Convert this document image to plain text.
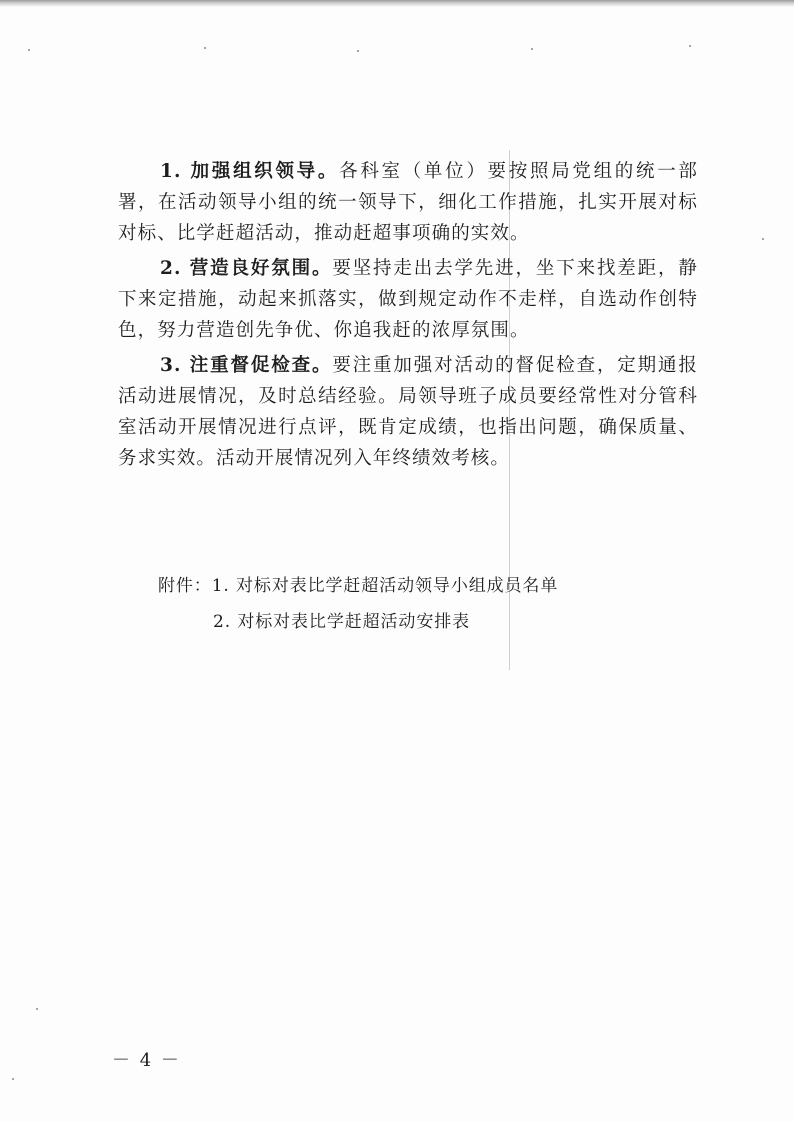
1. 加强组织领导。各科室（单位）要按照局党组的统一部署，在活动领导小组的统一领导下，细化工作措施，扎实开展对标对标、比学赶超活动，推动赶超事项确的实效。

2. 营造良好氛围。要坚持走出去学先进，坐下来找差距，静下来定措施，动起来抓落实，做到规定动作不走样，自选动作创特色，努力营造创先争优、你追我赶的浓厚氛围。

3. 注重督促检查。要注重加强对活动的督促检查，定期通报活动进展情况，及时总结经验。局领导班子成员要经常性对分管科室活动开展情况进行点评，既肯定成绩，也指出问题，确保质量、务求实效。活动开展情况列入年终绩效考核。

附件：1. 对标对表比学赶超活动领导小组成员名单
2. 对标对表比学赶超活动安排表
－ 4 －
